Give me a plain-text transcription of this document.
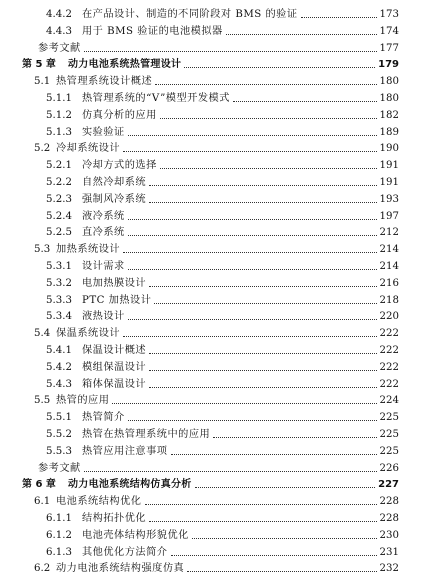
4.4.2 在产品设计、制造的不同阶段对 BMS 的验证	173
4.4.3 用于 BMS 验证的电池模拟器	174
参考文献	177
第 5 章 动力电池系统热管理设计	179
5.1 热管理系统设计概述	180
5.1.1 热管理系统的“V”模型开发模式	180
5.1.2 仿真分析的应用	182
5.1.3 实验验证	189
5.2 冷却系统设计	190
5.2.1 冷却方式的选择	191
5.2.2 自然冷却系统	191
5.2.3 强制风冷系统	193
5.2.4 液冷系统	197
5.2.5 直冷系统	212
5.3 加热系统设计	214
5.3.1 设计需求	214
5.3.2 电加热膜设计	216
5.3.3 PTC 加热设计	218
5.3.4 液热设计	220
5.4 保温系统设计	222
5.4.1 保温设计概述	222
5.4.2 模组保温设计	222
5.4.3 箱体保温设计	222
5.5 热管的应用	224
5.5.1 热管简介	225
5.5.2 热管在热管理系统中的应用	225
5.5.3 热管应用注意事项	225
参考文献	226
第 6 章 动力电池系统结构仿真分析	227
6.1 电池系统结构优化	228
6.1.1 结构拓扑优化	228
6.1.2 电池壳体结构形貌优化	230
6.1.3 其他优化方法简介	231
6.2 动力电池系统结构强度仿真	232
